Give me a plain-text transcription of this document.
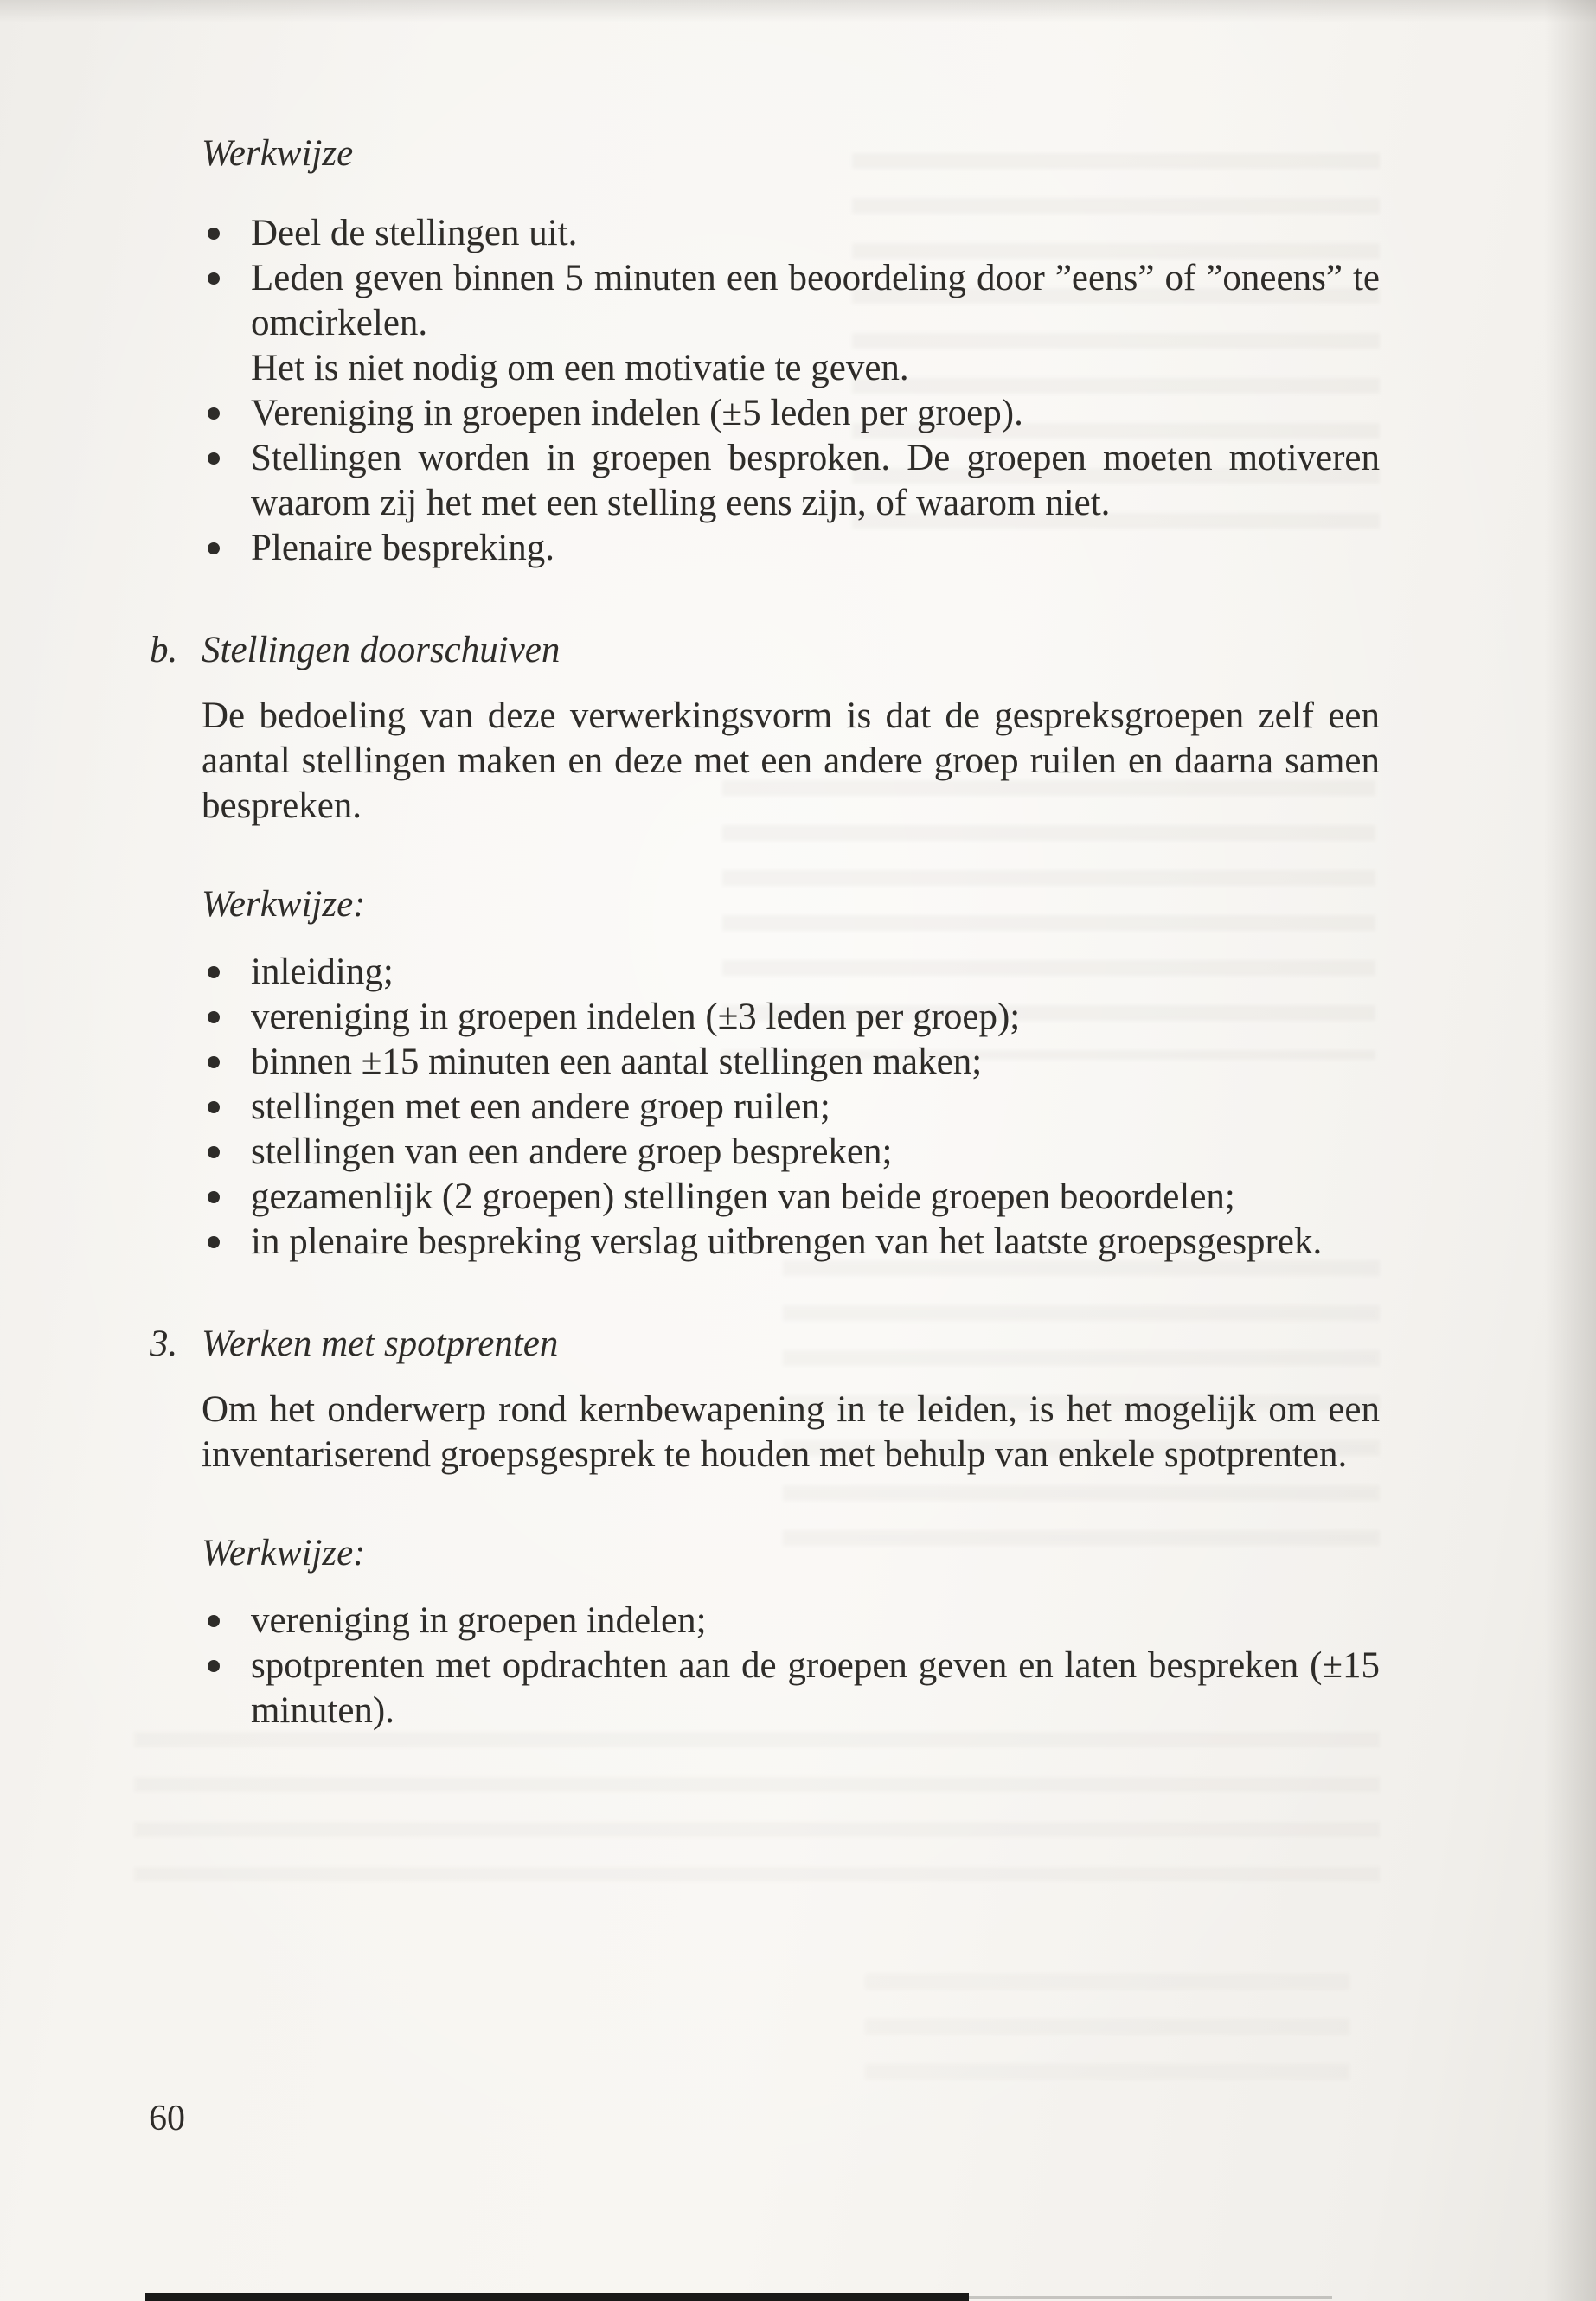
Werkwijze
Deel de stellingen uit.
Leden geven binnen 5 minuten een beoordeling door ”eens” of ”oneens” te omcirkelen.
Het is niet nodig om een motivatie te geven.
Vereniging in groepen indelen (±5 leden per groep).
Stellingen worden in groepen besproken. De groepen moeten motiveren waarom zij het met een stelling eens zijn, of waarom niet.
Plenaire bespreking.
b. Stellingen doorschuiven

De bedoeling van deze verwerkingsvorm is dat de gespreksgroepen zelf een aantal stellingen maken en deze met een andere groep ruilen en daarna samen bespreken.

Werkwijze:
inleiding;
vereniging in groepen indelen (±3 leden per groep);
binnen ±15 minuten een aantal stellingen maken;
stellingen met een andere groep ruilen;
stellingen van een andere groep bespreken;
gezamenlijk (2 groepen) stellingen van beide groepen beoordelen;
in plenaire bespreking verslag uitbrengen van het laatste groepsgesprek.
3. Werken met spotprenten

Om het onderwerp rond kernbewapening in te leiden, is het mogelijk om een inventariserend groepsgesprek te houden met behulp van enkele spotprenten.

Werkwijze:
vereniging in groepen indelen;
spotprenten met opdrachten aan de groepen geven en laten bespreken (±15 minuten).
60
